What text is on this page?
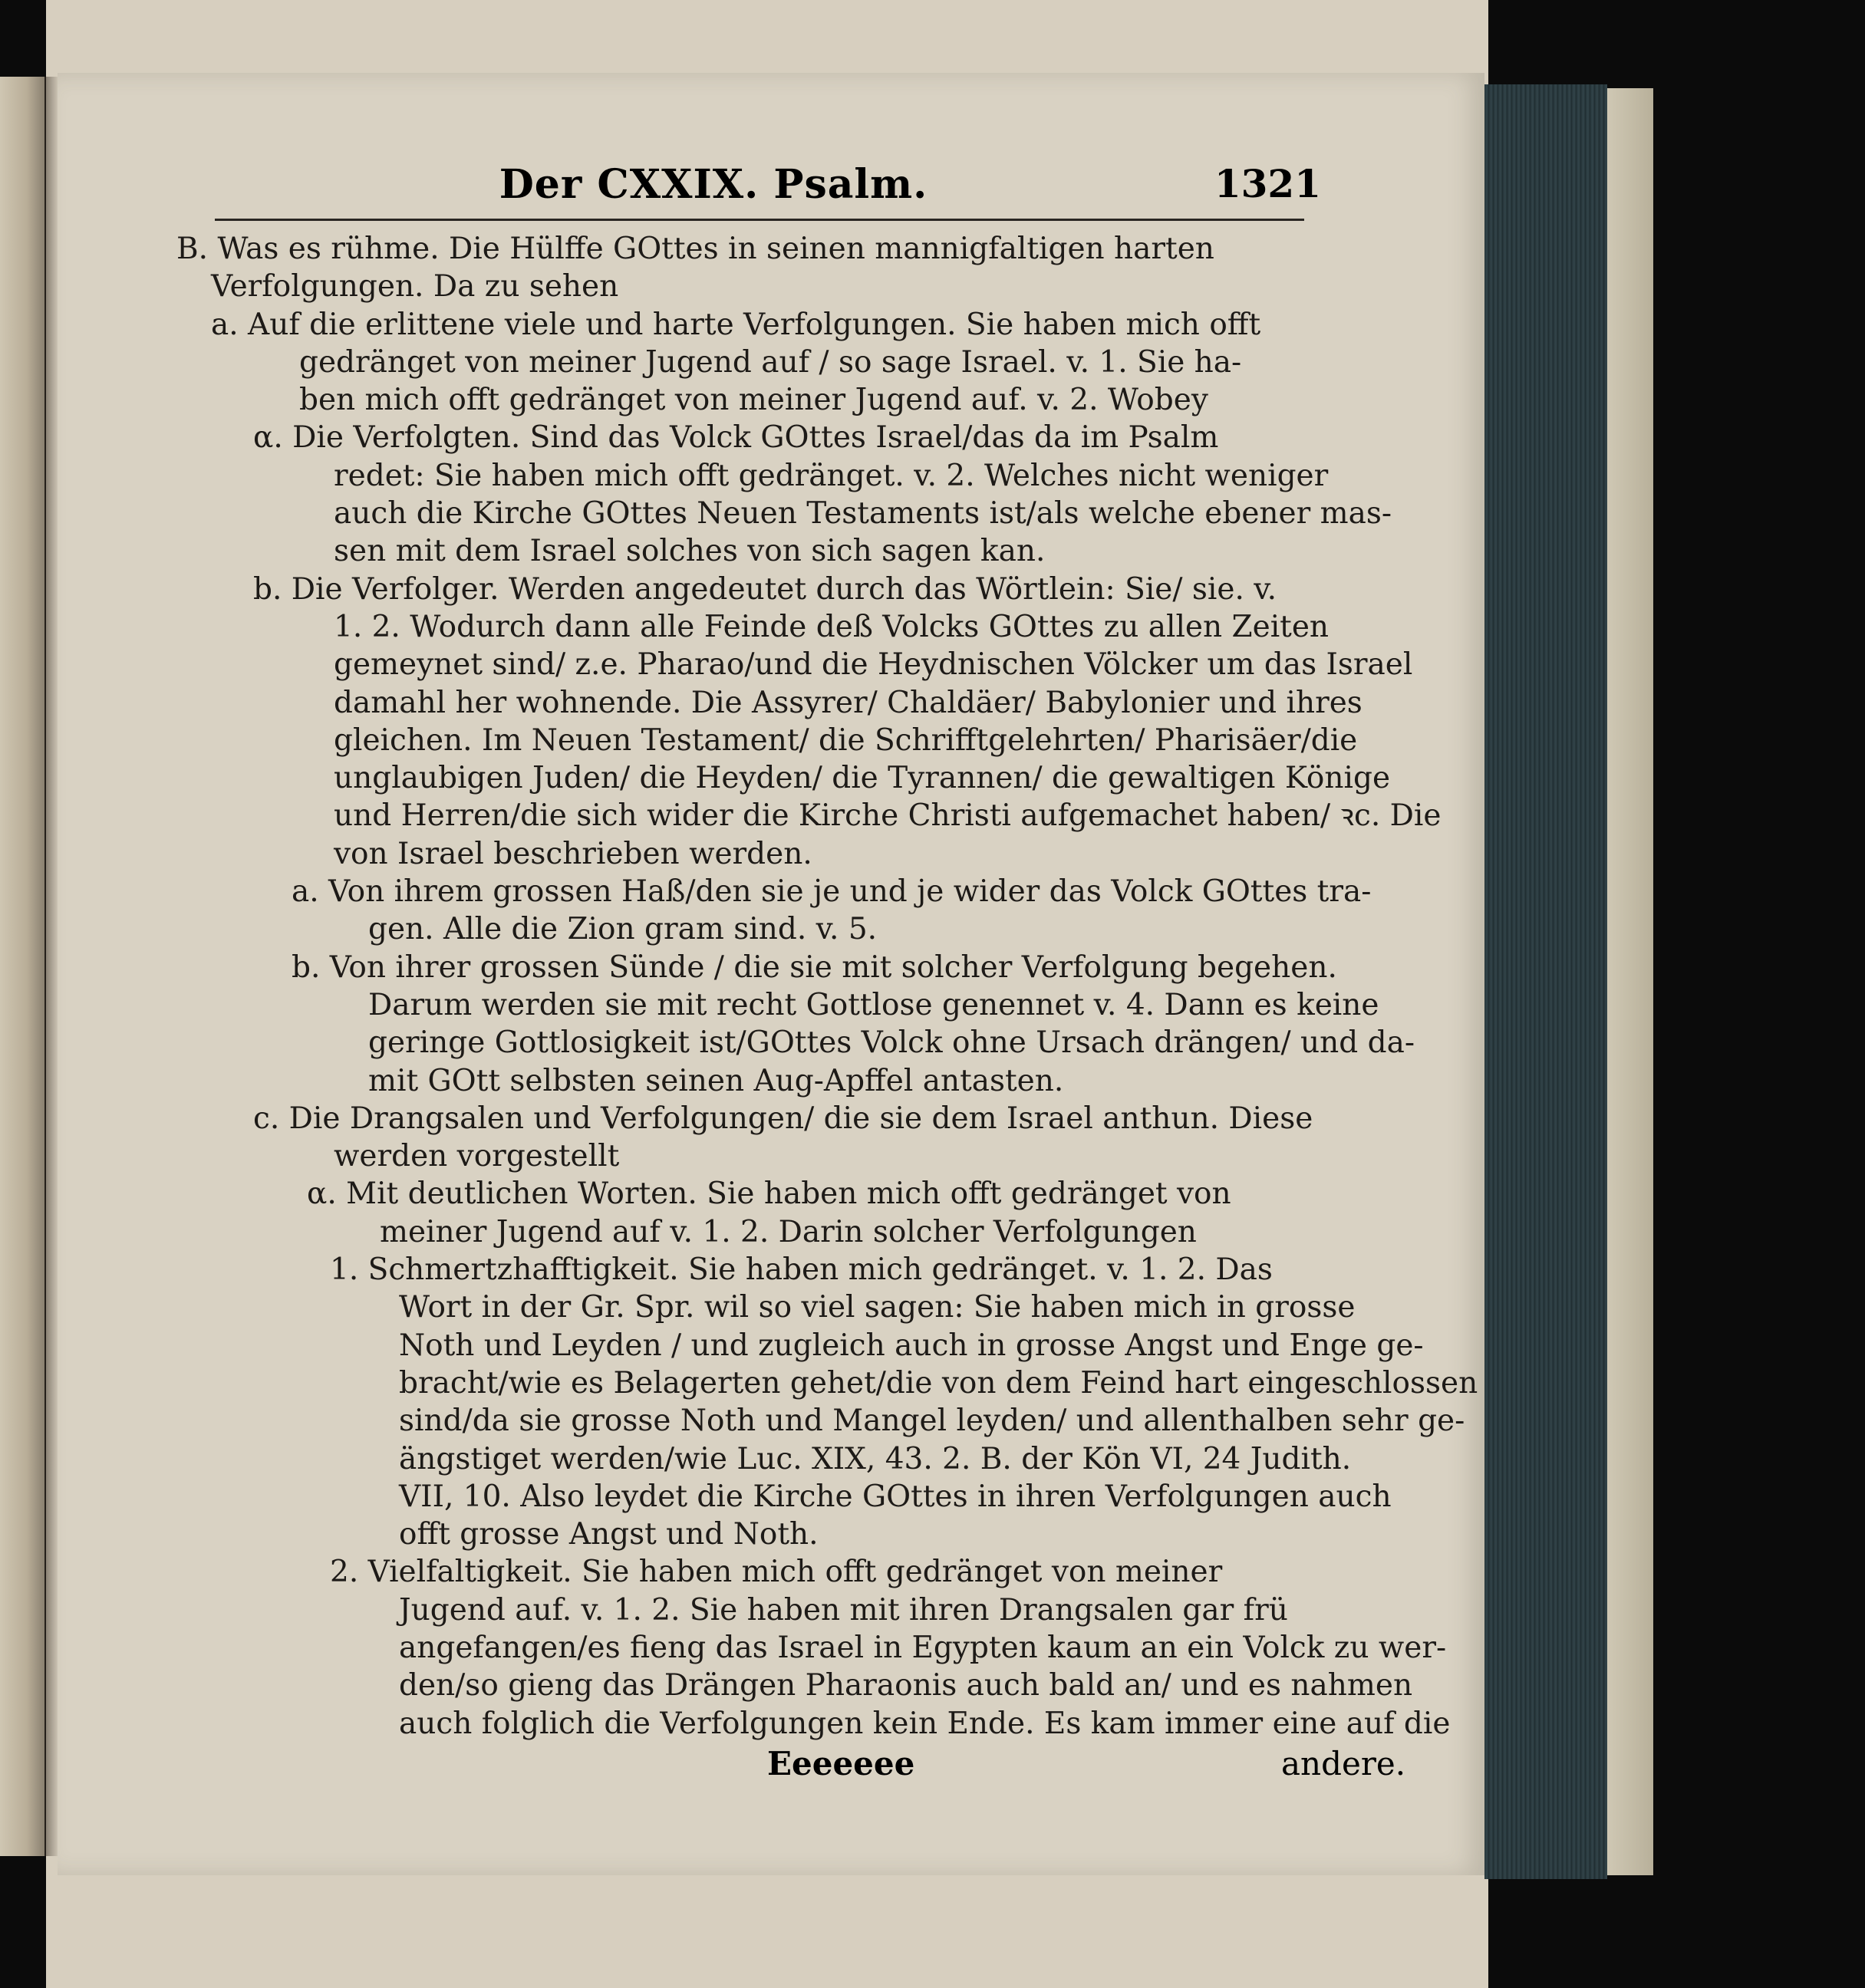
Der CXXIX. Psalm.	1321
B. Was es rühme. Die Hülffe GOttes in seinen mannigfaltigen harten
Verfolgungen. Da zu sehen
a. Auf die erlittene viele und harte Verfolgungen. Sie haben mich offt
gedränget von meiner Jugend auf / so sage Israel. v. 1. Sie ha-
ben mich offt gedränget von meiner Jugend auf. v. 2. Wobey
α. Die Verfolgten. Sind das Volck GOttes Israel/das da im Psalm
redet: Sie haben mich offt gedränget. v. 2. Welches nicht weniger
auch die Kirche GOttes Neuen Testaments ist/als welche ebener mas-
sen mit dem Israel solches von sich sagen kan.
b. Die Verfolger. Werden angedeutet durch das Wörtlein: Sie/ sie. v.
1. 2. Wodurch dann alle Feinde deß Volcks GOttes zu allen Zeiten
gemeynet sind/ z.e. Pharao/und die Heydnischen Völcker um das Israel
damahl her wohnende. Die Assyrer/ Chaldäer/ Babylonier und ihres
gleichen. Im Neuen Testament/ die Schrifftgelehrten/ Pharisäer/die
unglaubigen Juden/ die Heyden/ die Tyrannen/ die gewaltigen Könige
und Herren/die sich wider die Kirche Christi aufgemachet haben/ ꝛc. Die
von Israel beschrieben werden.
a. Von ihrem grossen Haß/den sie je und je wider das Volck GOttes tra-
gen. Alle die Zion gram sind. v. 5.
b. Von ihrer grossen Sünde / die sie mit solcher Verfolgung begehen.
Darum werden sie mit recht Gottlose genennet v. 4. Dann es keine
geringe Gottlosigkeit ist/GOttes Volck ohne Ursach drängen/ und da-
mit GOtt selbsten seinen Aug-Apffel antasten.
c. Die Drangsalen und Verfolgungen/ die sie dem Israel anthun. Diese
werden vorgestellt
α. Mit deutlichen Worten. Sie haben mich offt gedränget von
meiner Jugend auf v. 1. 2. Darin solcher Verfolgungen
1. Schmertzhafftigkeit. Sie haben mich gedränget. v. 1. 2. Das
Wort in der Gr. Spr. wil so viel sagen: Sie haben mich in grosse
Noth und Leyden / und zugleich auch in grosse Angst und Enge ge-
bracht/wie es Belagerten gehet/die von dem Feind hart eingeschlossen
sind/da sie grosse Noth und Mangel leyden/ und allenthalben sehr ge-
ängstiget werden/wie Luc. XIX, 43. 2. B. der Kön VI, 24 Judith.
VII, 10. Also leydet die Kirche GOttes in ihren Verfolgungen auch
offt grosse Angst und Noth.
2. Vielfaltigkeit. Sie haben mich offt gedränget von meiner
Jugend auf. v. 1. 2. Sie haben mit ihren Drangsalen gar frü
angefangen/es fieng das Israel in Egypten kaum an ein Volck zu wer-
den/so gieng das Drängen Pharaonis auch bald an/ und es nahmen
auch folglich die Verfolgungen kein Ende. Es kam immer eine auf die
Eeeeeee	andere.
